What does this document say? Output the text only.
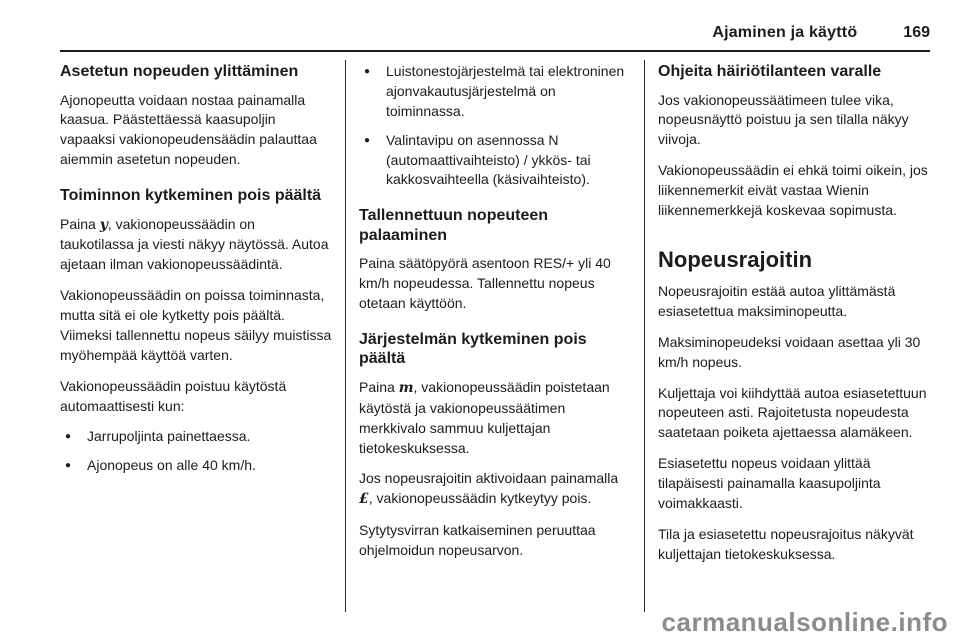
Ajaminen ja käyttö	169
Asetetun nopeuden ylittäminen

Ajonopeutta voidaan nostaa painamalla kaasua. Päästettäessä kaasupoljin vapaaksi vakionopeudensäädin palauttaa aiemmin asetetun nopeuden.

Toiminnon kytkeminen pois päältä

Paina y, vakionopeussäädin on taukotilassa ja viesti näkyy näytössä. Autoa ajetaan ilman vakionopeussäädintä.

Vakionopeussäädin on poissa toiminnasta, mutta sitä ei ole kytketty pois päältä. Viimeksi tallennettu nopeus säilyy muistissa myöhempää käyttöä varten.

Vakionopeussäädin poistuu käytöstä automaattisesti kun:

● Jarrupoljinta painettaessa.
● Ajonopeus on alle 40 km/h.
● Luistonestojärjestelmä tai elektroninen ajonvakautusjärjestelmä on toiminnassa.
● Valintavipu on asennossa N (automaattivaihteisto) / ykkös- tai kakkosvaihteella (käsivaihteisto).
Tallennettuun nopeuteen palaaminen

Paina säätöpyörä asentoon RES/+ yli 40 km/h nopeudessa. Tallennettu nopeus otetaan käyttöön.

Järjestelmän kytkeminen pois päältä

Paina m, vakionopeussäädin poistetaan käytöstä ja vakionopeussäätimen merkkivalo sammuu kuljettajan tietokeskuksessa.

Jos nopeusrajoitin aktivoidaan painamalla £, vakionopeussäädin kytkeytyy pois.

Sytytysvirran katkaiseminen peruuttaa ohjelmoidun nopeusarvon.

Ohjeita häiriötilanteen varalle

Jos vakionopeussäätimeen tulee vika, nopeusnäyttö poistuu ja sen tilalla näkyy viivoja.

Vakionopeussäädin ei ehkä toimi oikein, jos liikennemerkit eivät vastaa Wienin liikennemerkkejä koskevaa sopimusta.

Nopeusrajoitin

Nopeusrajoitin estää autoa ylittämästä esiasetettua maksiminopeutta.

Maksiminopeudeksi voidaan asettaa yli 30 km/h nopeus.

Kuljettaja voi kiihdyttää autoa esiasetettuun nopeuteen asti. Rajoitetusta nopeudesta saatetaan poiketa ajettaessa alamäkeen.

Esiasetettu nopeus voidaan ylittää tilapäisesti painamalla kaasupoljinta voimakkaasti.

Tila ja esiasetettu nopeusrajoitus näkyvät kuljettajan tietokeskuksessa.

carmanualsonline.info
